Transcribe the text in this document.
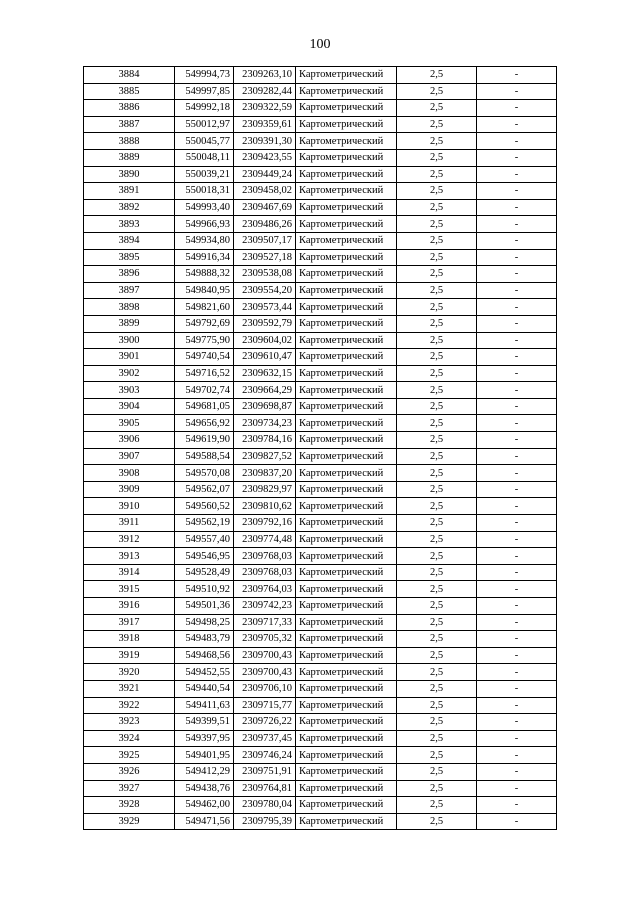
100
3884	549994,73	2309263,10	Картометрический	2,5	-
3885	549997,85	2309282,44	Картометрический	2,5	-
3886	549992,18	2309322,59	Картометрический	2,5	-
3887	550012,97	2309359,61	Картометрический	2,5	-
3888	550045,77	2309391,30	Картометрический	2,5	-
3889	550048,11	2309423,55	Картометрический	2,5	-
3890	550039,21	2309449,24	Картометрический	2,5	-
3891	550018,31	2309458,02	Картометрический	2,5	-
3892	549993,40	2309467,69	Картометрический	2,5	-
3893	549966,93	2309486,26	Картометрический	2,5	-
3894	549934,80	2309507,17	Картометрический	2,5	-
3895	549916,34	2309527,18	Картометрический	2,5	-
3896	549888,32	2309538,08	Картометрический	2,5	-
3897	549840,95	2309554,20	Картометрический	2,5	-
3898	549821,60	2309573,44	Картометрический	2,5	-
3899	549792,69	2309592,79	Картометрический	2,5	-
3900	549775,90	2309604,02	Картометрический	2,5	-
3901	549740,54	2309610,47	Картометрический	2,5	-
3902	549716,52	2309632,15	Картометрический	2,5	-
3903	549702,74	2309664,29	Картометрический	2,5	-
3904	549681,05	2309698,87	Картометрический	2,5	-
3905	549656,92	2309734,23	Картометрический	2,5	-
3906	549619,90	2309784,16	Картометрический	2,5	-
3907	549588,54	2309827,52	Картометрический	2,5	-
3908	549570,08	2309837,20	Картометрический	2,5	-
3909	549562,07	2309829,97	Картометрический	2,5	-
3910	549560,52	2309810,62	Картометрический	2,5	-
3911	549562,19	2309792,16	Картометрический	2,5	-
3912	549557,40	2309774,48	Картометрический	2,5	-
3913	549546,95	2309768,03	Картометрический	2,5	-
3914	549528,49	2309768,03	Картометрический	2,5	-
3915	549510,92	2309764,03	Картометрический	2,5	-
3916	549501,36	2309742,23	Картометрический	2,5	-
3917	549498,25	2309717,33	Картометрический	2,5	-
3918	549483,79	2309705,32	Картометрический	2,5	-
3919	549468,56	2309700,43	Картометрический	2,5	-
3920	549452,55	2309700,43	Картометрический	2,5	-
3921	549440,54	2309706,10	Картометрический	2,5	-
3922	549411,63	2309715,77	Картометрический	2,5	-
3923	549399,51	2309726,22	Картометрический	2,5	-
3924	549397,95	2309737,45	Картометрический	2,5	-
3925	549401,95	2309746,24	Картометрический	2,5	-
3926	549412,29	2309751,91	Картометрический	2,5	-
3927	549438,76	2309764,81	Картометрический	2,5	-
3928	549462,00	2309780,04	Картометрический	2,5	-
3929	549471,56	2309795,39	Картометрический	2,5	-
